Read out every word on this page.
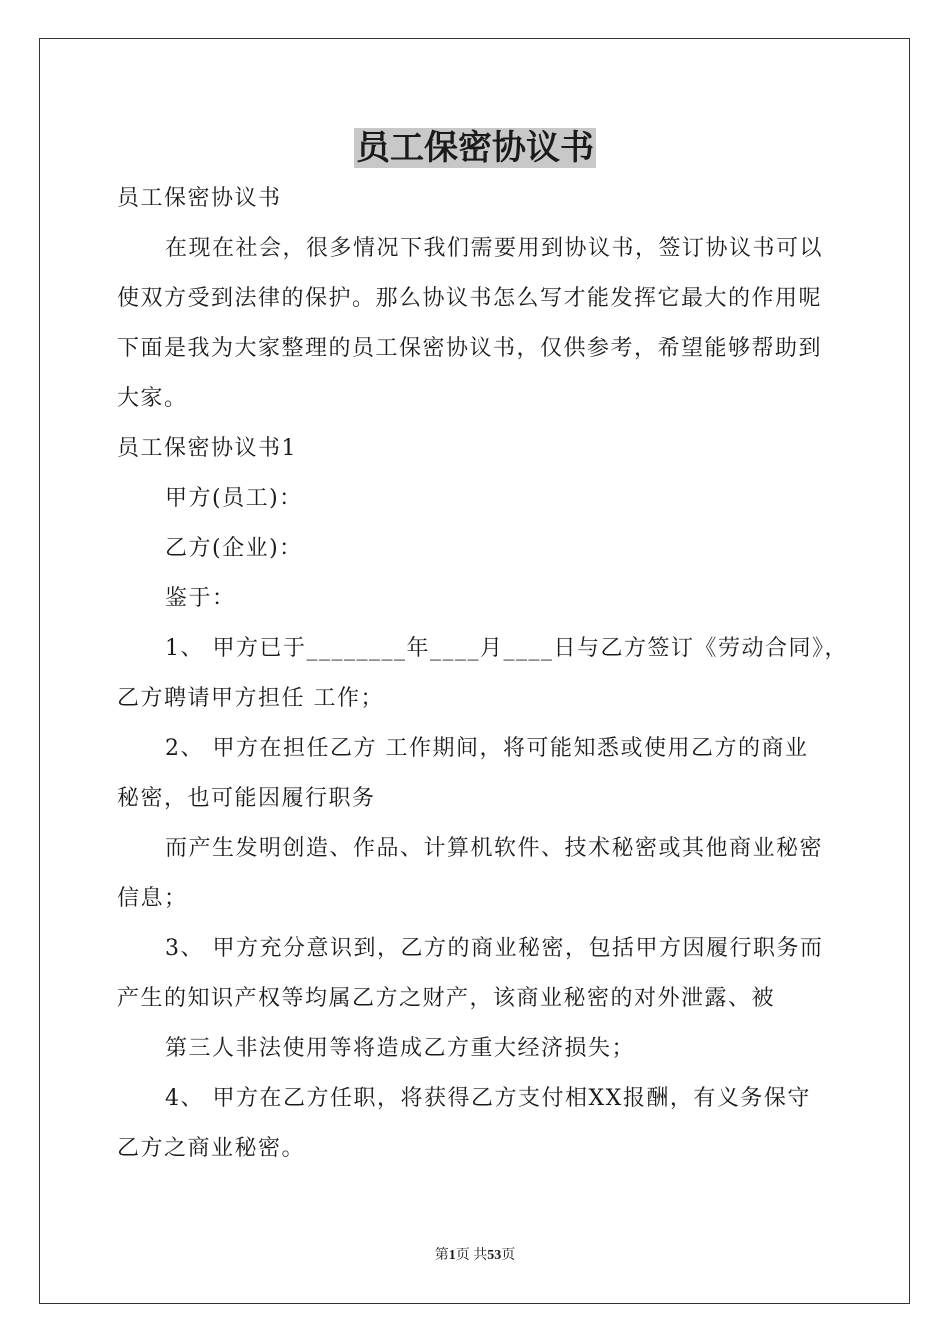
员工保密协议书
员工保密协议书
在现在社会，很多情况下我们需要用到协议书，签订协议书可以
使双方受到法律的保护。那么协议书怎么写才能发挥它最大的作用呢
下面是我为大家整理的员工保密协议书，仅供参考，希望能够帮助到
大家。
员工保密协议书1
甲方(员工)：
乙方(企业)：
鉴于：
1、 甲方已于________年____月____日与乙方签订《劳动合同》，
乙方聘请甲方担任 工作；
2、 甲方在担任乙方 工作期间，将可能知悉或使用乙方的商业
秘密，也可能因履行职务
而产生发明创造、作品、计算机软件、技术秘密或其他商业秘密
信息；
3、 甲方充分意识到，乙方的商业秘密，包括甲方因履行职务而
产生的知识产权等均属乙方之财产，该商业秘密的对外泄露、被
第三人非法使用等将造成乙方重大经济损失；
4、 甲方在乙方任职，将获得乙方支付相XX报酬，有义务保守
乙方之商业秘密。
第1页 共53页
